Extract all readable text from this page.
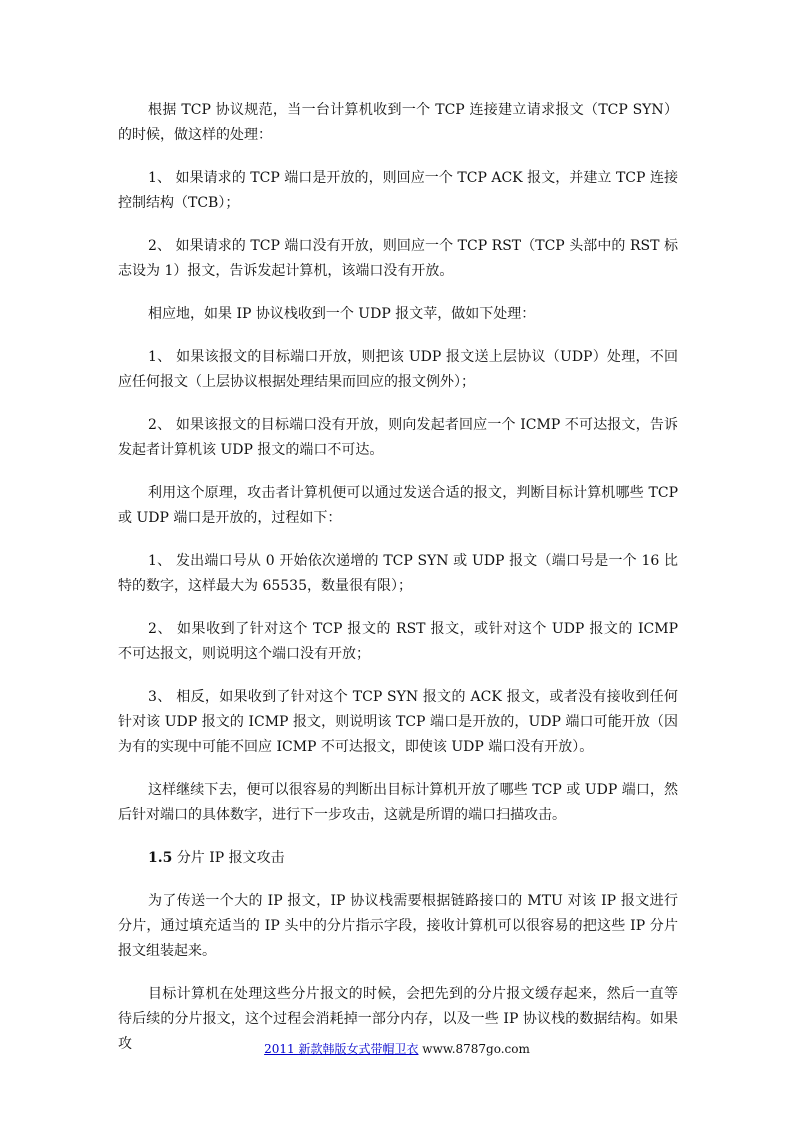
根据 TCP 协议规范，当一台计算机收到一个 TCP 连接建立请求报文（TCP SYN）的时候，做这样的处理：

1、 如果请求的 TCP 端口是开放的，则回应一个 TCP ACK 报文，并建立 TCP 连接控制结构（TCB）；

2、 如果请求的 TCP 端口没有开放，则回应一个 TCP RST（TCP 头部中的 RST 标志设为 1）报文，告诉发起计算机，该端口没有开放。

相应地，如果 IP 协议栈收到一个 UDP 报文苹，做如下处理：

1、 如果该报文的目标端口开放，则把该 UDP 报文送上层协议（UDP）处理，不回应任何报文（上层协议根据处理结果而回应的报文例外）；

2、 如果该报文的目标端口没有开放，则向发起者回应一个 ICMP 不可达报文，告诉发起者计算机该 UDP 报文的端口不可达。

利用这个原理，攻击者计算机便可以通过发送合适的报文，判断目标计算机哪些 TCP 或 UDP 端口是开放的，过程如下：

1、 发出端口号从 0 开始依次递增的 TCP SYN 或 UDP 报文（端口号是一个 16 比特的数字，这样最大为 65535，数量很有限）；

2、 如果收到了针对这个 TCP 报文的 RST 报文，或针对这个 UDP 报文的 ICMP 不可达报文，则说明这个端口没有开放；

3、 相反，如果收到了针对这个 TCP SYN 报文的 ACK 报文，或者没有接收到任何针对该 UDP 报文的 ICMP 报文，则说明该 TCP 端口是开放的，UDP 端口可能开放（因为有的实现中可能不回应 ICMP 不可达报文，即使该 UDP 端口没有开放）。

这样继续下去，便可以很容易的判断出目标计算机开放了哪些 TCP 或 UDP 端口，然后针对端口的具体数字，进行下一步攻击，这就是所谓的端口扫描攻击。

1.5 分片 IP 报文攻击

为了传送一个大的 IP 报文，IP 协议栈需要根据链路接口的 MTU 对该 IP 报文进行分片，通过填充适当的 IP 头中的分片指示字段，接收计算机可以很容易的把这些 IP 分片报文组装起来。

目标计算机在处理这些分片报文的时候，会把先到的分片报文缓存起来，然后一直等待后续的分片报文，这个过程会消耗掉一部分内存，以及一些 IP 协议栈的数据结构。如果攻	2011 新款韩版女式带帽卫衣 www.8787go.com
